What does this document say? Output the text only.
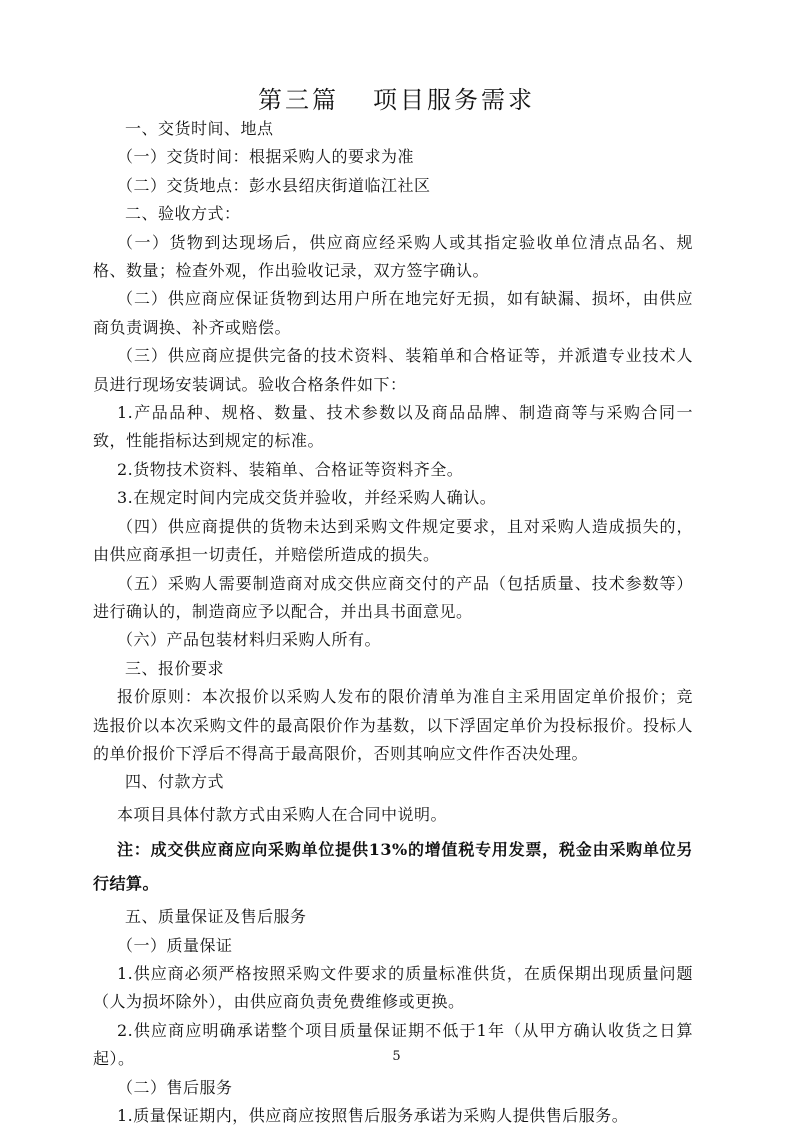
第三篇 项目服务需求

一、交货时间、地点

（一）交货时间：根据采购人的要求为准

（二）交货地点：彭水县绍庆街道临江社区

二、验收方式：

（一）货物到达现场后，供应商应经采购人或其指定验收单位清点品名、规格、数量；检查外观，作出验收记录，双方签字确认。

（二）供应商应保证货物到达用户所在地完好无损，如有缺漏、损坏，由供应商负责调换、补齐或赔偿。

（三）供应商应提供完备的技术资料、装箱单和合格证等，并派遣专业技术人员进行现场安装调试。验收合格条件如下：

1.产品品种、规格、数量、技术参数以及商品品牌、制造商等与采购合同一致，性能指标达到规定的标准。

2.货物技术资料、装箱单、合格证等资料齐全。

3.在规定时间内完成交货并验收，并经采购人确认。

（四）供应商提供的货物未达到采购文件规定要求，且对采购人造成损失的，由供应商承担一切责任，并赔偿所造成的损失。

（五）采购人需要制造商对成交供应商交付的产品（包括质量、技术参数等）进行确认的，制造商应予以配合，并出具书面意见。

（六）产品包装材料归采购人所有。

三、报价要求

报价原则：本次报价以采购人发布的限价清单为准自主采用固定单价报价；竞选报价以本次采购文件的最高限价作为基数，以下浮固定单价为投标报价。投标人的单价报价下浮后不得高于最高限价，否则其响应文件作否决处理。

四、付款方式

本项目具体付款方式由采购人在合同中说明。

注：成交供应商应向采购单位提供13%的增值税专用发票，税金由采购单位另行结算。

五、质量保证及售后服务

（一）质量保证

1.供应商必须严格按照采购文件要求的质量标准供货，在质保期出现质量问题（人为损坏除外），由供应商负责免费维修或更换。

2.供应商应明确承诺整个项目质量保证期不低于1年（从甲方确认收货之日算起）。

（二）售后服务

1.质量保证期内，供应商应按照售后服务承诺为采购人提供售后服务。

5
